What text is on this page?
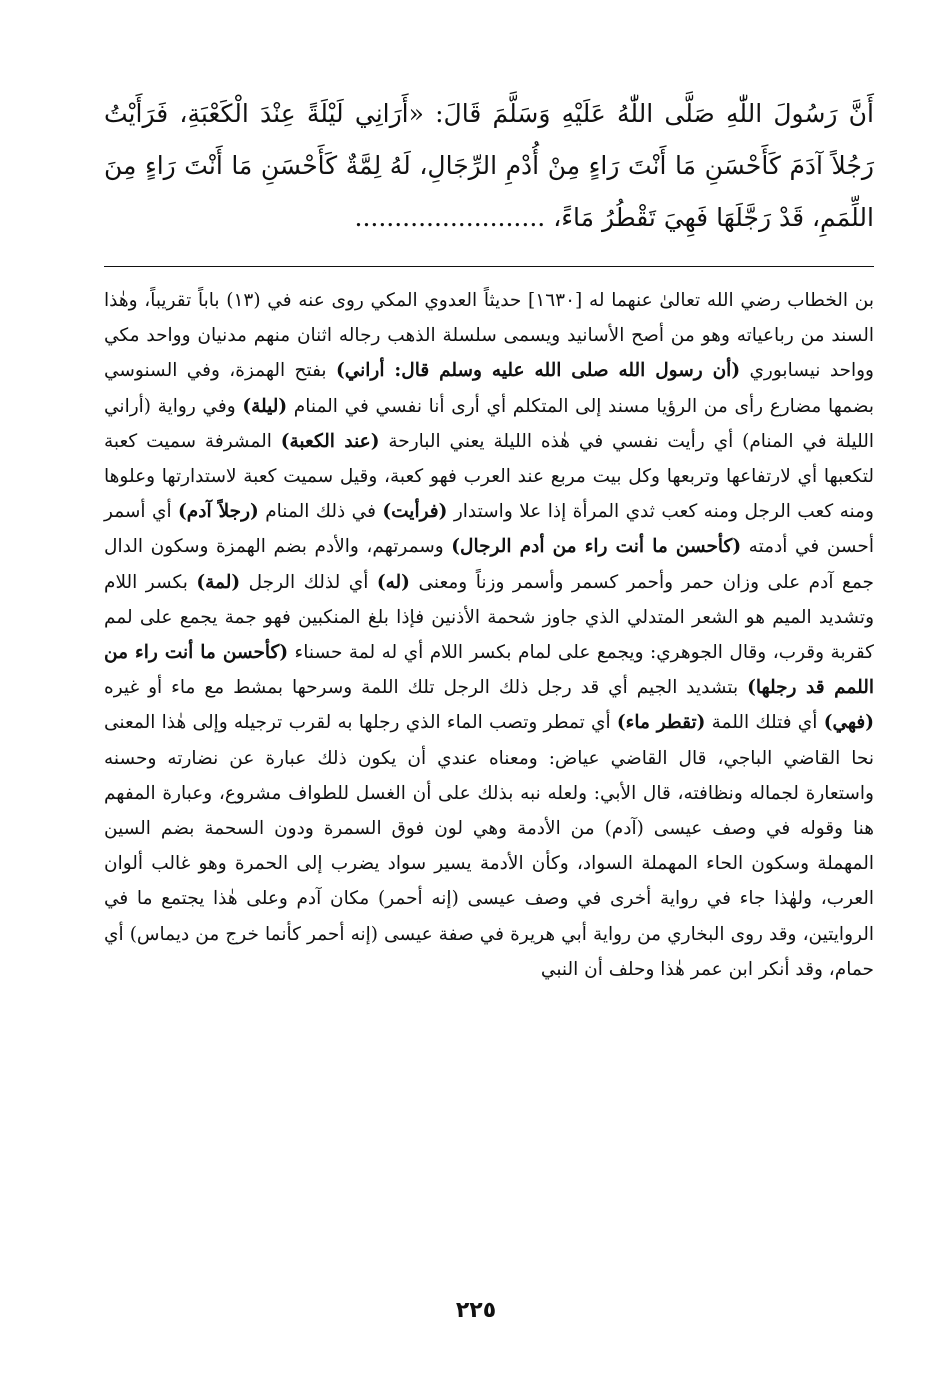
أَنَّ رَسُولَ اللّٰهِ صَلَّى اللّٰهُ عَلَيْهِ وَسَلَّمَ قَالَ: «أَرَانِي لَيْلَةً عِنْدَ الْكَعْبَةِ، فَرَأَيْتُ رَجُلاً آدَمَ كَأَحْسَنِ مَا أَنْتَ رَاءٍ مِنْ أُدْمِ الرِّجَالِ، لَهُ لِمَّةٌ كَأَحْسَنِ مَا أَنْتَ رَاءٍ مِنَ اللِّمَمِ، قَدْ رَجَّلَهَا فَهِيَ تَقْطُرُ مَاءً، ........................

بن الخطاب رضي الله تعالىٰ عنهما له [١٦٣٠] حديثاً العدوي المكي روى عنه في (١٣) باباً تقريباً، وهٰذا السند من رباعياته وهو من أصح الأسانيد ويسمى سلسلة الذهب رجاله اثنان منهم مدنيان وواحد مكي وواحد نيسابوري (أن رسول الله صلى الله عليه وسلم قال: أراني) بفتح الهمزة، وفي السنوسي بضمها مضارع رأى من الرؤيا مسند إلى المتكلم أي أرى أنا نفسي في المنام (ليلة) وفي رواية (أراني الليلة في المنام) أي رأيت نفسي في هٰذه الليلة يعني البارحة (عند الكعبة) المشرفة سميت كعبة لتكعبها أي لارتفاعها وتربعها وكل بيت مربع عند العرب فهو كعبة، وقيل سميت كعبة لاستدارتها وعلوها ومنه كعب الرجل ومنه كعب ثدي المرأة إذا علا واستدار (فرأيت) في ذلك المنام (رجلاً آدم) أي أسمر أحسن في أدمته (كأحسن ما أنت راء من أدم الرجال) وسمرتهم، والأدم بضم الهمزة وسكون الدال جمع آدم على وزان حمر وأحمر كسمر وأسمر وزناً ومعنى (له) أي لذلك الرجل (لمة) بكسر اللام وتشديد الميم هو الشعر المتدلي الذي جاوز شحمة الأذنين فإذا بلغ المنكبين فهو جمة يجمع على لمم كقربة وقرب، وقال الجوهري: ويجمع على لمام بكسر اللام أي له لمة حسناء (كأحسن ما أنت راء من اللمم قد رجلها) بتشديد الجيم أي قد رجل ذلك الرجل تلك اللمة وسرحها بمشط مع ماء أو غيره (فهي) أي فتلك اللمة (تقطر ماء) أي تمطر وتصب الماء الذي رجلها به لقرب ترجيله وإلى هٰذا المعنى نحا القاضي الباجي، قال القاضي عياض: ومعناه عندي أن يكون ذلك عبارة عن نضارته وحسنه واستعارة لجماله ونظافته، قال الأبي: ولعله نبه بذلك على أن الغسل للطواف مشروع، وعبارة المفهم هنا وقوله في وصف عيسى (آدم) من الأدمة وهي لون فوق السمرة ودون السحمة بضم السين المهملة وسكون الحاء المهملة السواد، وكأن الأدمة يسير سواد يضرب إلى الحمرة وهو غالب ألوان العرب، ولهٰذا جاء في رواية أخرى في وصف عيسى (إنه أحمر) مكان آدم وعلى هٰذا يجتمع ما في الروايتين، وقد روى البخاري من رواية أبي هريرة في صفة عيسى (إنه أحمر كأنما خرج من ديماس) أي حمام، وقد أنكر ابن عمر هٰذا وحلف أن النبي

٢٢٥
